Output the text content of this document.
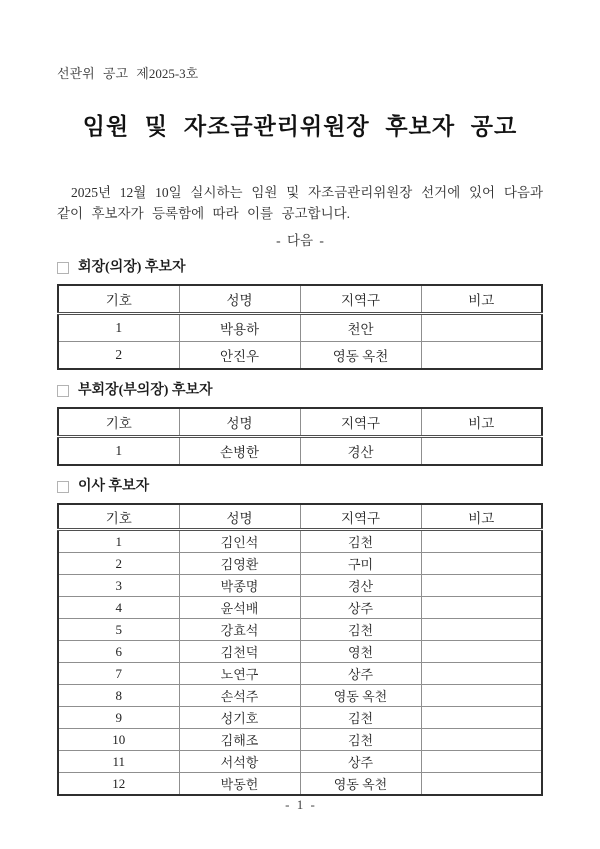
선관위 공고 제2025-3호
임원 및 자조금관리위원장 후보자 공고

2025년 12월 10일 실시하는 임원 및 자조금관리위원장 선거에 있어 다음과 같이 후보자가 등록함에 따라 이를 공고합니다.

- 다음 -
회장(의장) 후보자
기호	성명	지역구	비고
1	박용하	천안	
2	안진우	영동 옥천	
부회장(부의장) 후보자
기호	성명	지역구	비고
1	손병한	경산	
이사 후보자
기호	성명	지역구	비고
1	김인석	김천	
2	김영환	구미	
3	박종명	경산	
4	윤석배	상주	
5	강효석	김천	
6	김천덕	영천	
7	노연구	상주	
8	손석주	영동 옥천	
9	성기호	김천	
10	김해조	김천	
11	서석항	상주	
12	박동헌	영동 옥천	
- 1 -
